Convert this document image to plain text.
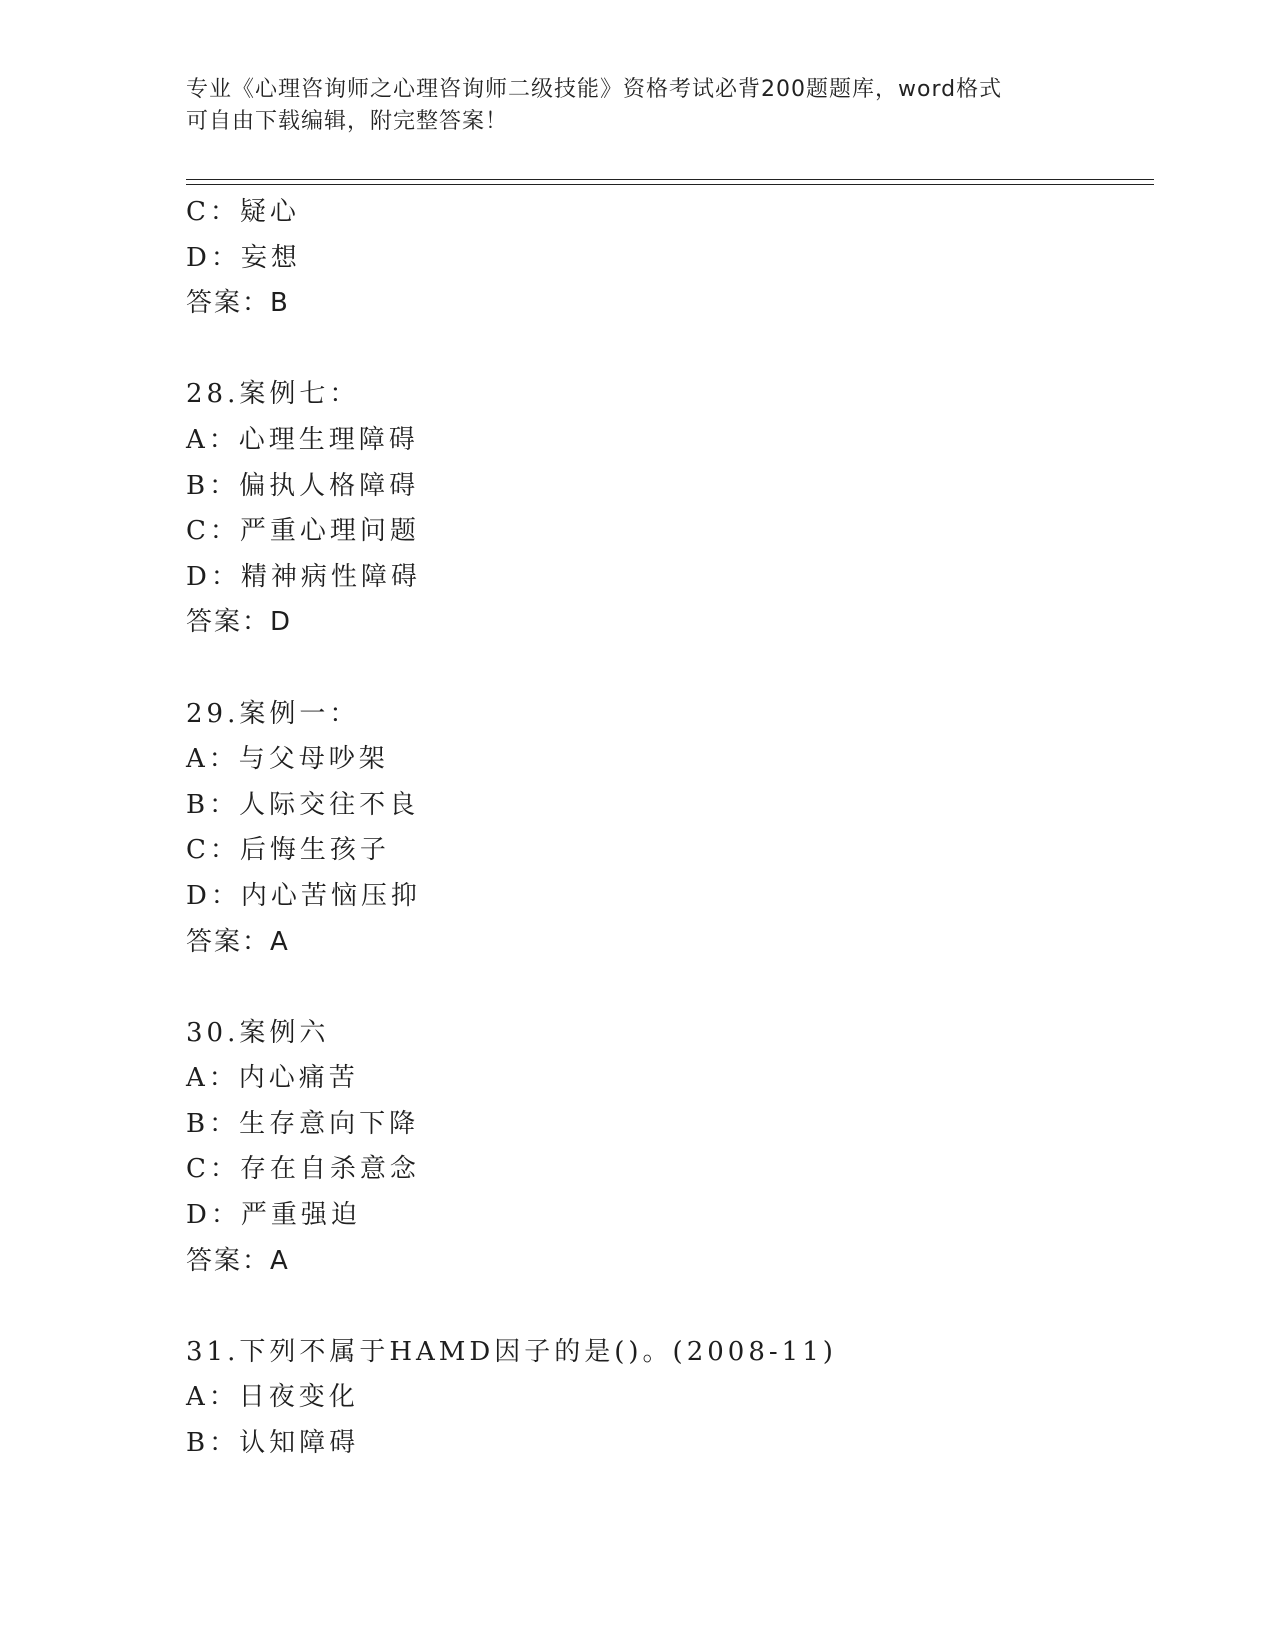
专业《心理咨询师之心理咨询师二级技能》资格考试必背200题题库，word格式
可自由下载编辑，附完整答案！
C：疑心
D：妄想
答案：B
28.案例七：
A：心理生理障碍
B：偏执人格障碍
C：严重心理问题
D：精神病性障碍
答案：D
29.案例一：
A：与父母吵架
B：人际交往不良
C：后悔生孩子
D：内心苦恼压抑
答案：A
30.案例六
A：内心痛苦
B：生存意向下降
C：存在自杀意念
D：严重强迫
答案：A
31.下列不属于HAMD因子的是()。(2008-11)
A：日夜变化
B：认知障碍
